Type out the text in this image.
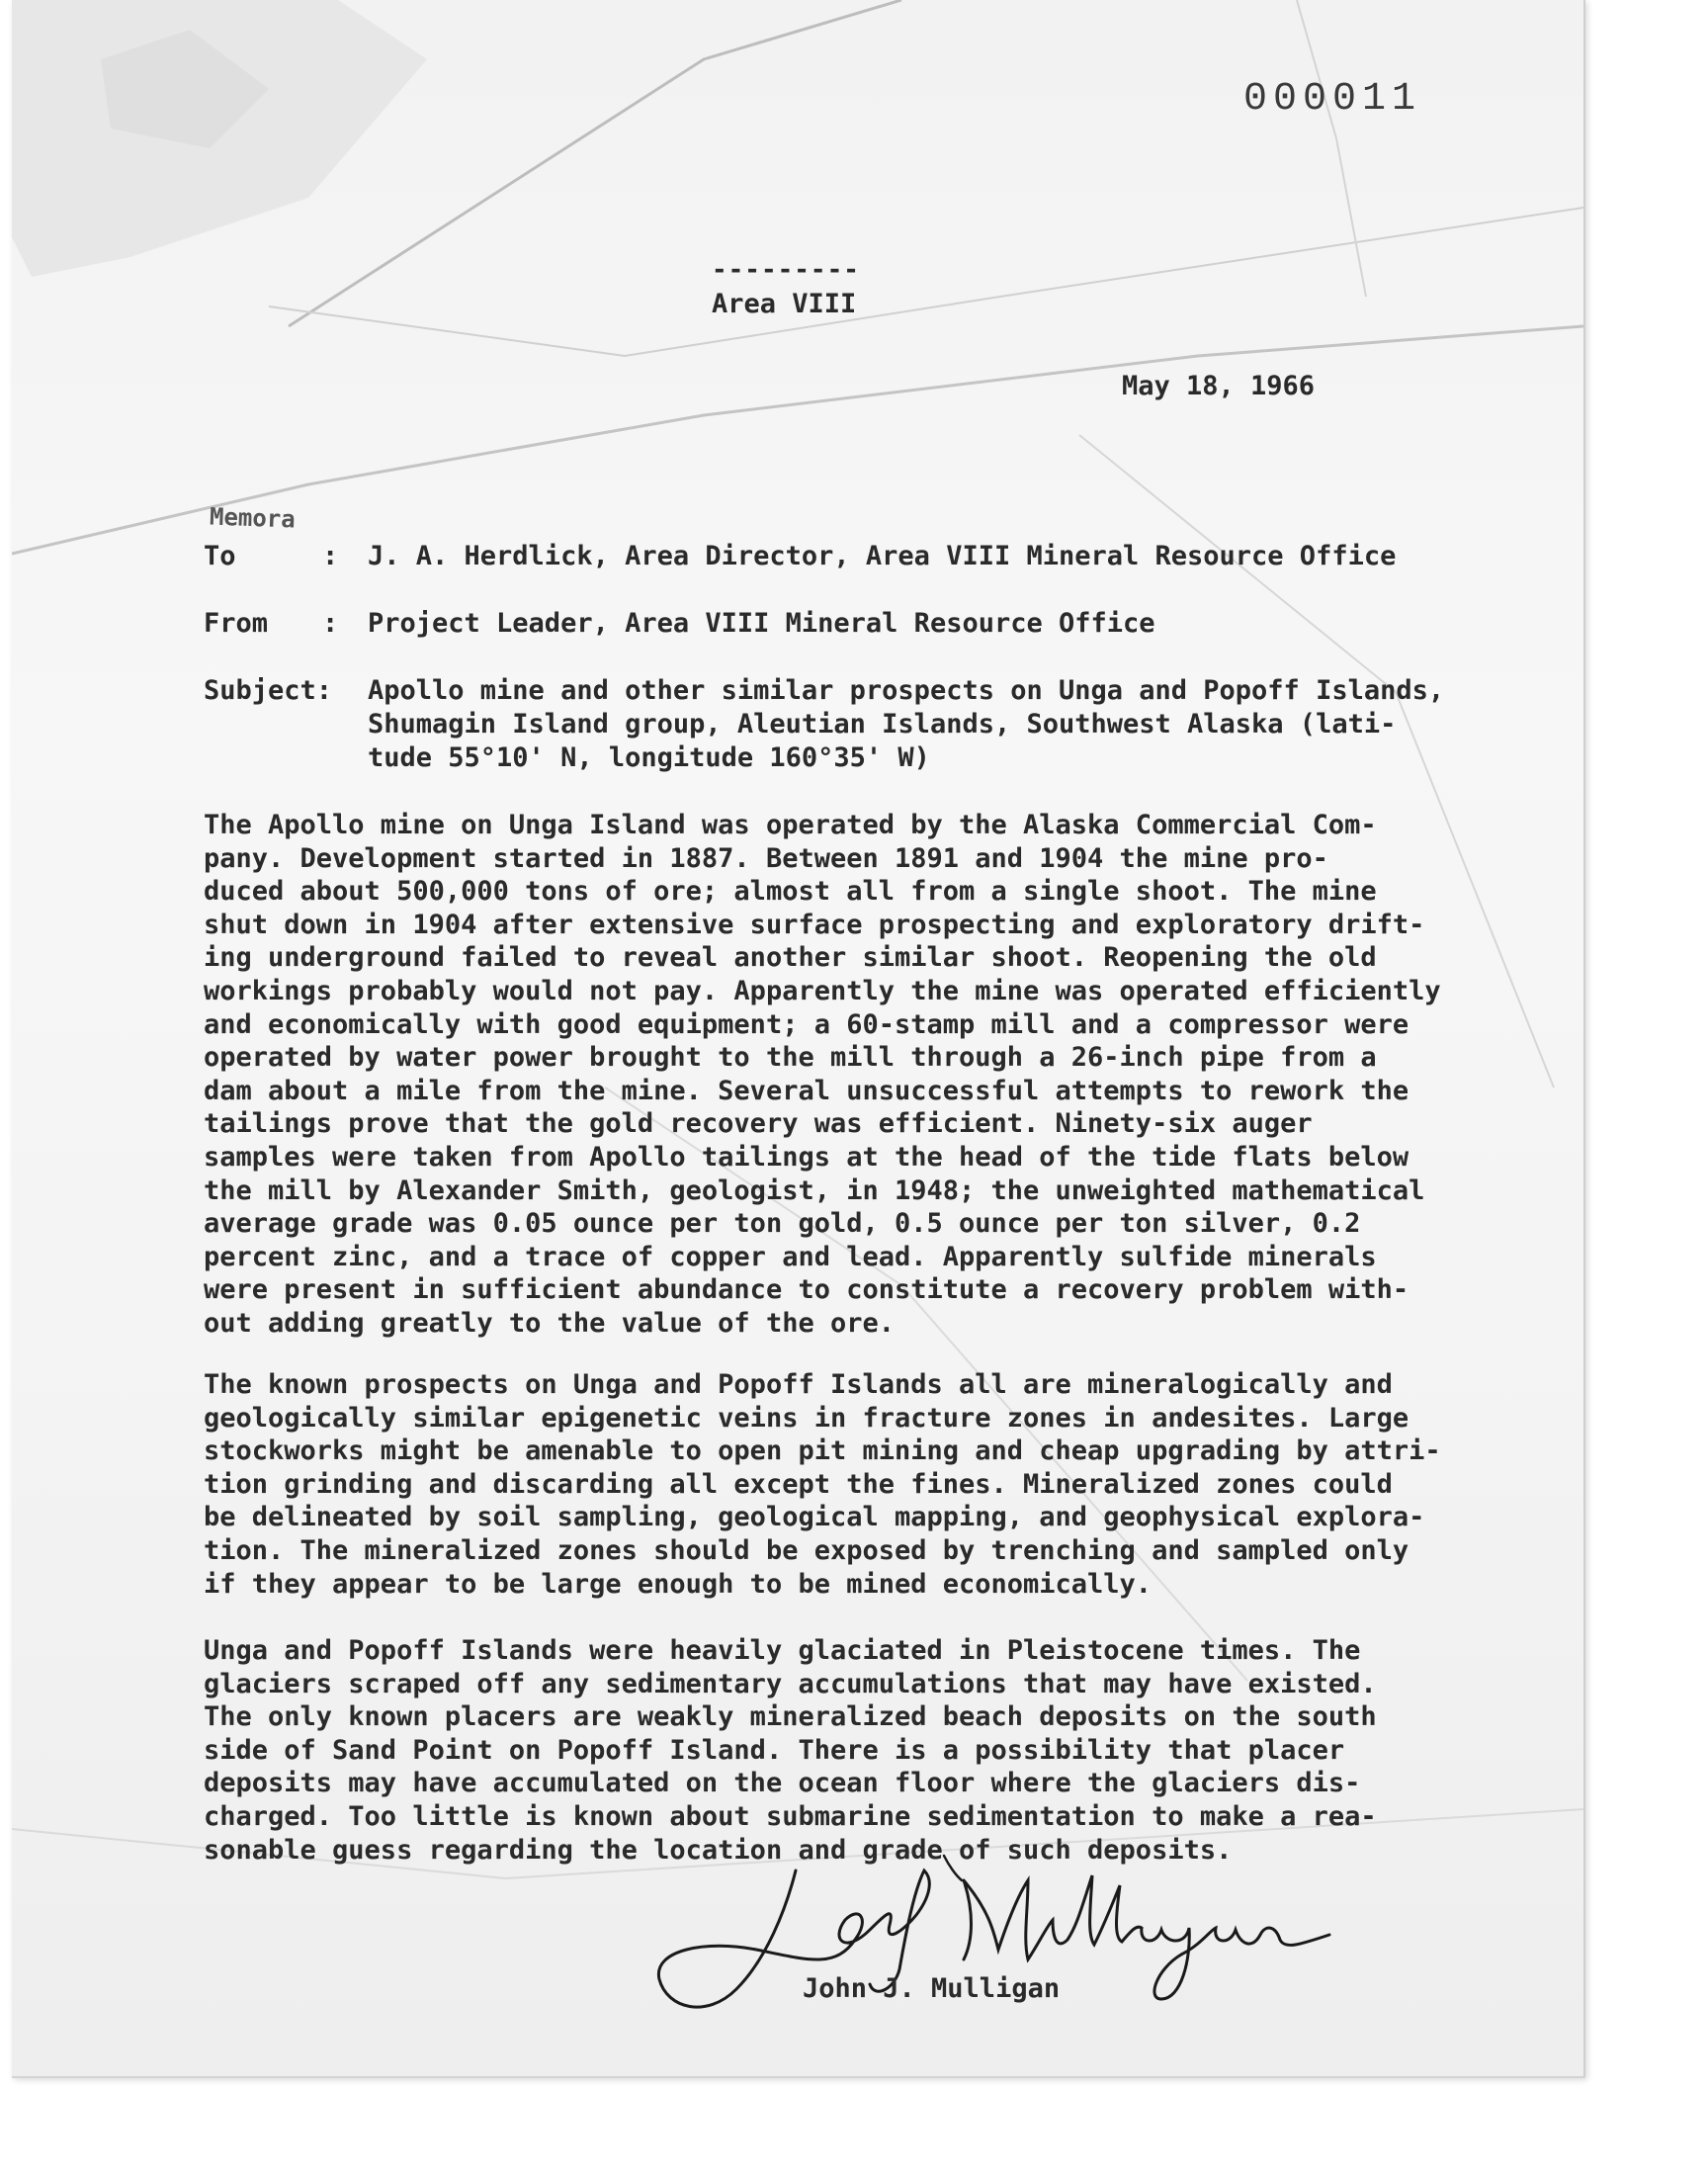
000011
---------
Area VIII
May 18, 1966
Memora
To	: J. A. Herdlick, Area Director, Area VIII Mineral Resource Office
From : Project Leader, Area VIII Mineral Resource Office
Subject: Apollo mine and other similar prospects on Unga and Popoff Islands,
Shumagin Island group, Aleutian Islands, Southwest Alaska (lati-
tude 55°10' N, longitude 160°35' W)
The Apollo mine on Unga Island was operated by the Alaska Commercial Com-
pany. Development started in 1887. Between 1891 and 1904 the mine pro-
duced about 500,000 tons of ore; almost all from a single shoot. The mine
shut down in 1904 after extensive surface prospecting and exploratory drift-
ing underground failed to reveal another similar shoot. Reopening the old
workings probably would not pay. Apparently the mine was operated efficiently
and economically with good equipment; a 60-stamp mill and a compressor were
operated by water power brought to the mill through a 26-inch pipe from a
dam about a mile from the mine. Several unsuccessful attempts to rework the
tailings prove that the gold recovery was efficient. Ninety-six auger
samples were taken from Apollo tailings at the head of the tide flats below
the mill by Alexander Smith, geologist, in 1948; the unweighted mathematical
average grade was 0.05 ounce per ton gold, 0.5 ounce per ton silver, 0.2
percent zinc, and a trace of copper and lead. Apparently sulfide minerals
were present in sufficient abundance to constitute a recovery problem with-
out adding greatly to the value of the ore.
The known prospects on Unga and Popoff Islands all are mineralogically and
geologically similar epigenetic veins in fracture zones in andesites. Large
stockworks might be amenable to open pit mining and cheap upgrading by attri-
tion grinding and discarding all except the fines. Mineralized zones could
be delineated by soil sampling, geological mapping, and geophysical explora-
tion. The mineralized zones should be exposed by trenching and sampled only
if they appear to be large enough to be mined economically.
Unga and Popoff Islands were heavily glaciated in Pleistocene times. The
glaciers scraped off any sedimentary accumulations that may have existed.
The only known placers are weakly mineralized beach deposits on the south
side of Sand Point on Popoff Island. There is a possibility that placer
deposits may have accumulated on the ocean floor where the glaciers dis-
charged. Too little is known about submarine sedimentation to make a rea-
sonable guess regarding the location and grade of such deposits.
John J. Mulligan
